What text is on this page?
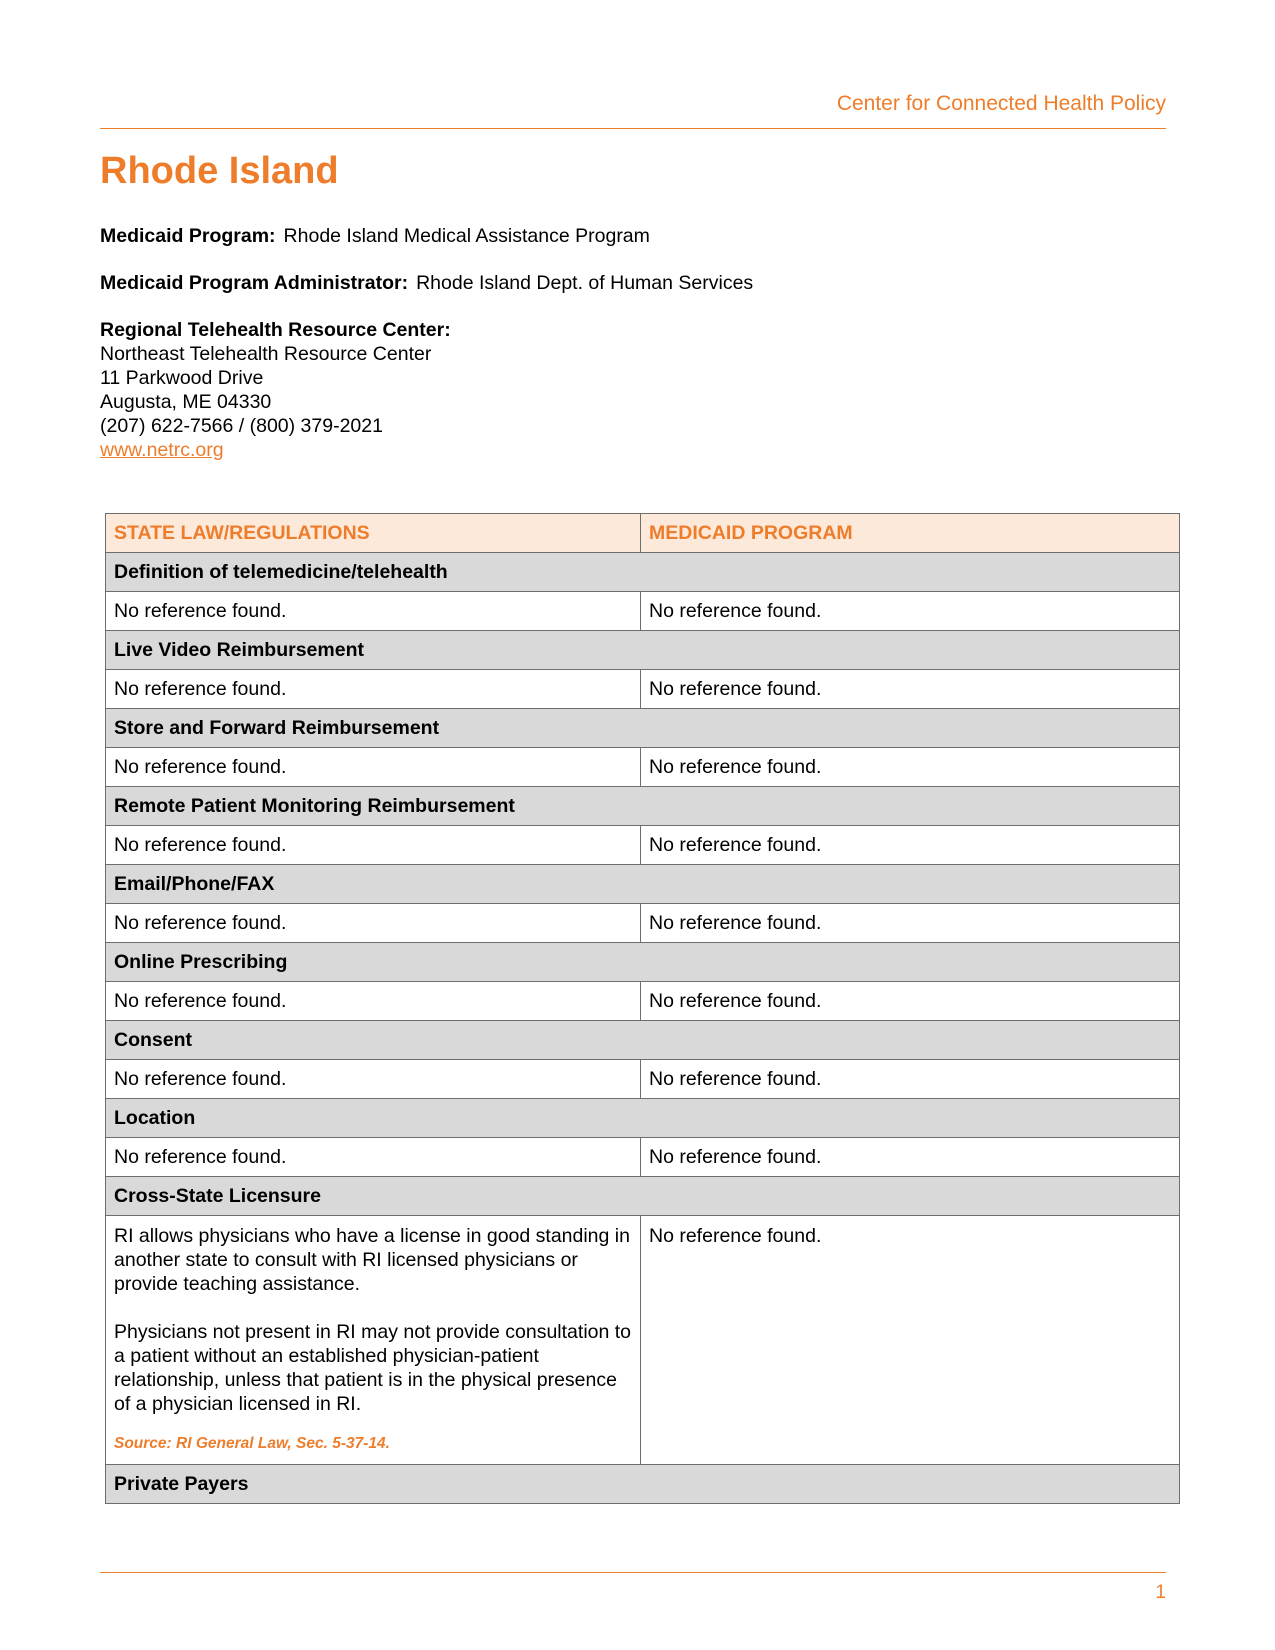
Center for Connected Health Policy
Rhode Island
Medicaid Program: Rhode Island Medical Assistance Program
Medicaid Program Administrator: Rhode Island Dept. of Human Services
Regional Telehealth Resource Center:
Northeast Telehealth Resource Center
11 Parkwood Drive
Augusta, ME 04330
(207) 622-7566 / (800) 379-2021
www.netrc.org
STATE LAW/REGULATIONS	MEDICAID PROGRAM
Definition of telemedicine/telehealth	
No reference found.	No reference found.
Live Video Reimbursement	
No reference found.	No reference found.
Store and Forward Reimbursement	
No reference found.	No reference found.
Remote Patient Monitoring Reimbursement	
No reference found.	No reference found.
Email/Phone/FAX	
No reference found.	No reference found.
Online Prescribing	
No reference found.	No reference found.
Consent	
No reference found.	No reference found.
Location	
No reference found.	No reference found.
Cross-State Licensure	

RI allows physicians who have a license in good standing in another state to consult with RI licensed physicians or provide teaching assistance.
Physicians not present in RI may not provide consultation to a patient without an established physician-patient relationship, unless that patient is in the physical presence of a physician licensed in RI.
Source: RI General Law, Sec. 5-37-14.	No reference found.
Private Payers	
1
